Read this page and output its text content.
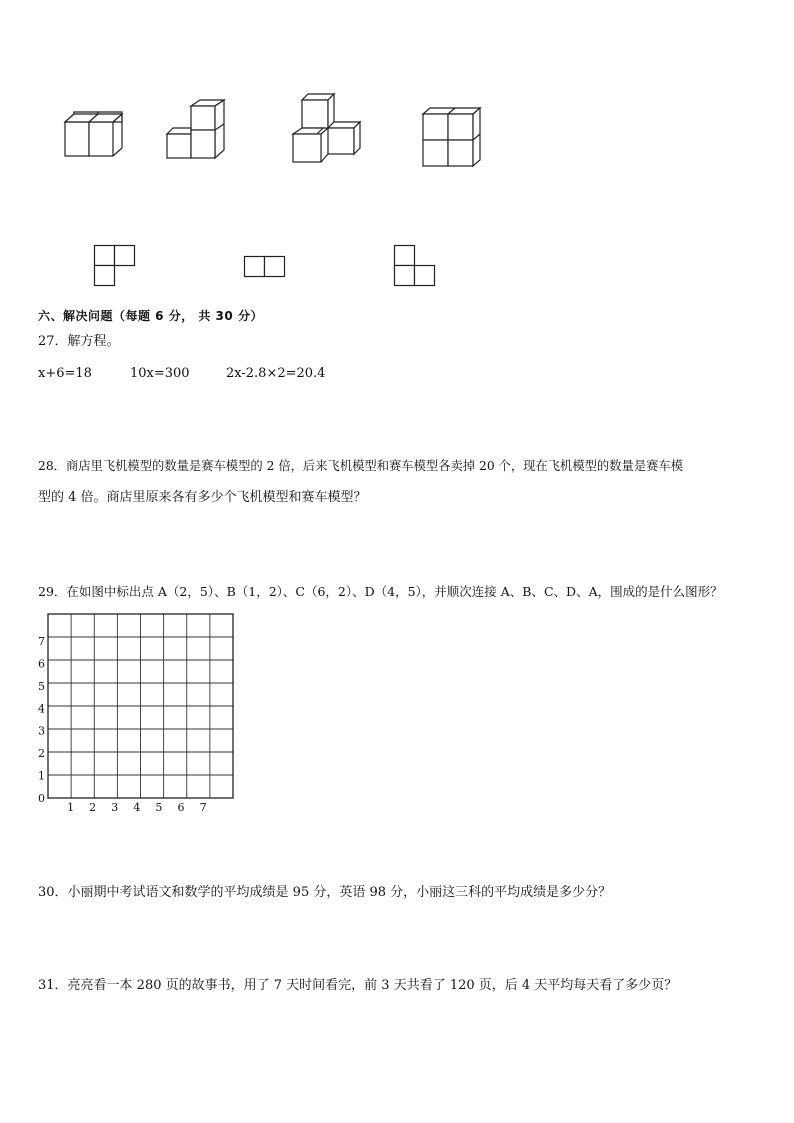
六、解决问题（每题 6 分， 共 30 分）
27．解方程。
x+6=18	10x=300	2x-2.8×2=20.4
28．商店里飞机模型的数量是赛车模型的 2 倍，后来飞机模型和赛车模型各卖掉 20 个，现在飞机模型的数量是赛车模
型的 4 倍。商店里原来各有多少个飞机模型和赛车模型？
29．在如图中标出点 A（2，5）、B（1，2）、C（6，2）、D（4，5），并顺次连接 A、B、C、D、A，围成的是什么图形？
1 2 3 4 5 6 7
0
1
2
3
4
5
6
7
30．小丽期中考试语文和数学的平均成绩是 95 分，英语 98 分，小丽这三科的平均成绩是多少分？
31．亮亮看一本 280 页的故事书，用了 7 天时间看完，前 3 天共看了 120 页，后 4 天平均每天看了多少页？
